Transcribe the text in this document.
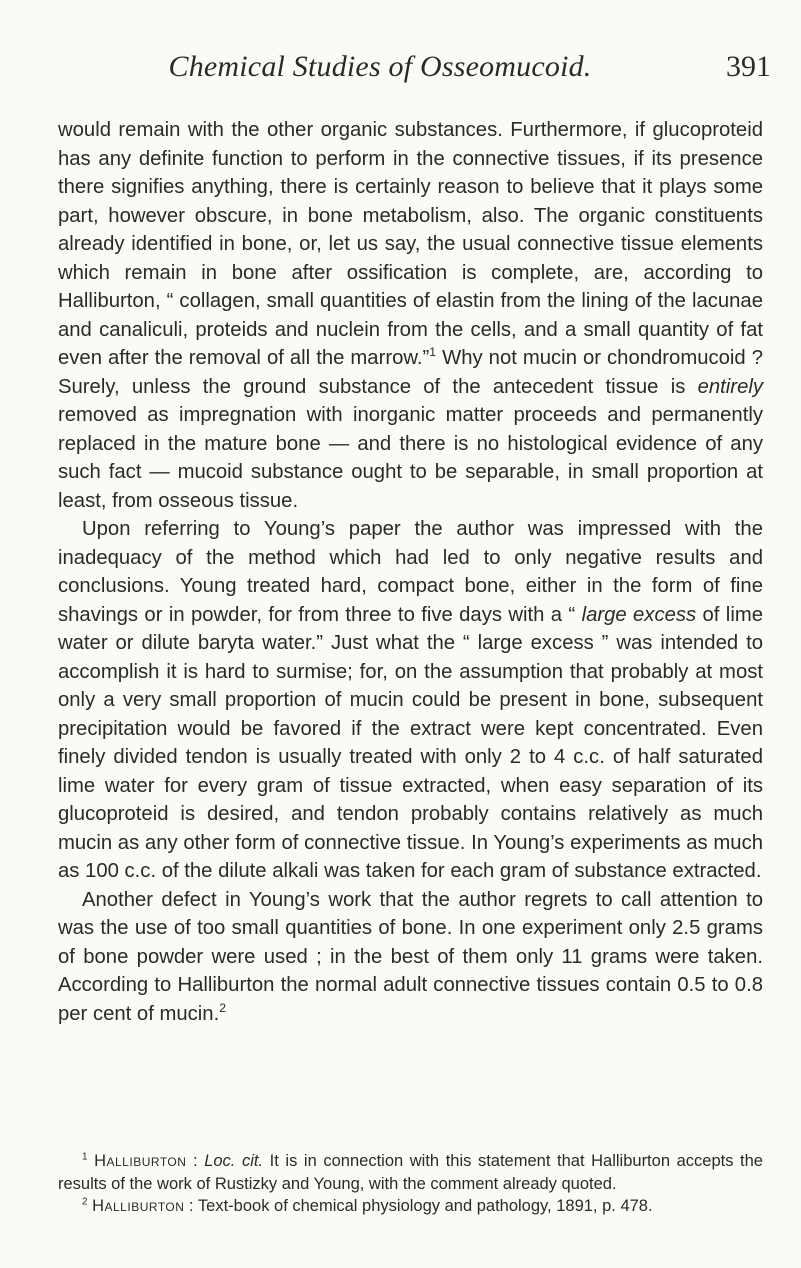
Chemical Studies of Osseomucoid.	391

would remain with the other organic substances. Furthermore, if glucoproteid has any definite function to perform in the connective tissues, if its presence there signifies anything, there is certainly reason to believe that it plays some part, however obscure, in bone metabolism, also. The organic constituents already identified in bone, or, let us say, the usual connective tissue elements which remain in bone after ossification is complete, are, according to Halliburton, “ collagen, small quantities of elastin from the lining of the lacunae and canaliculi, proteids and nuclein from the cells, and a small quantity of fat even after the removal of all the marrow.”$^1$ Why not mucin or chondromucoid ? Surely, unless the ground substance of the antecedent tissue is entirely removed as impregnation with inorganic matter proceeds and permanently replaced in the mature bone — and there is no histological evidence of any such fact — mucoid substance ought to be separable, in small proportion at least, from osseous tissue.

Upon referring to Young’s paper the author was impressed with the inadequacy of the method which had led to only negative results and conclusions. Young treated hard, compact bone, either in the form of fine shavings or in powder, for from three to five days with a “ large excess of lime water or dilute baryta water.” Just what the “ large excess ” was intended to accomplish it is hard to surmise; for, on the assumption that probably at most only a very small proportion of mucin could be present in bone, subsequent precipitation would be favored if the extract were kept concentrated. Even finely divided tendon is usually treated with only 2 to 4 c.c. of half saturated lime water for every gram of tissue extracted, when easy separation of its glucoproteid is desired, and tendon probably contains relatively as much mucin as any other form of connective tissue. In Young’s experiments as much as 100 c.c. of the dilute alkali was taken for each gram of substance extracted.

Another defect in Young’s work that the author regrets to call attention to was the use of too small quantities of bone. In one experiment only 2.5 grams of bone powder were used ; in the best of them only 11 grams were taken. According to Halliburton the normal adult connective tissues contain 0.5 to 0.8 per cent of mucin.$^2$

$^1$ Halliburton : Loc. cit. It is in connection with this statement that Halliburton accepts the results of the work of Rustizky and Young, with the comment already quoted.

$^2$ Halliburton : Text-book of chemical physiology and pathology, 1891, p. 478.
